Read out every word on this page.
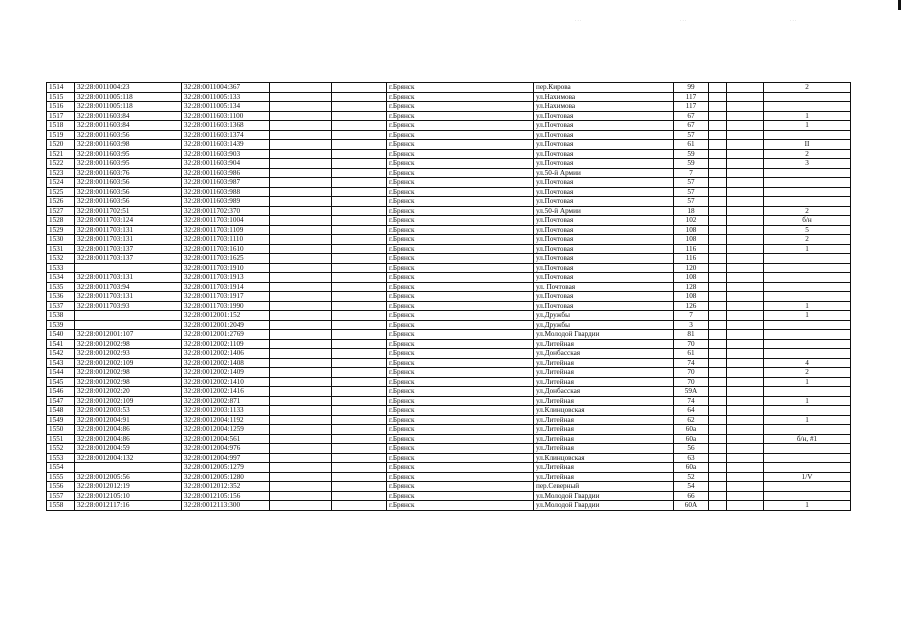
. . .	. . .	. . .
1514	32:28:0011004:23	32:28:0011004:367			г.Брянск	пер.Кирова	99			2
1515	32:28:0011005:118	32:28:0011005:133			г.Брянск	ул.Нахимова	117			
1516	32:28:0011005:118	32:28:0011005:134			г.Брянск	ул.Нахимова	117			
1517	32:28:0011603:84	32:28:0011603:1100			г.Брянск	ул.Почтовая	67			1
1518	32:28:0011603:84	32:28:0011603:1368			г.Брянск	ул.Почтовая	67			1
1519	32:28:0011603:56	32:28:0011603:1374			г.Брянск	ул.Почтовая	57			
1520	32:28:0011603:98	32:28:0011603:1439			г.Брянск	ул.Почтовая	61			II
1521	32:28:0011603:95	32:28:0011603:903			г.Брянск	ул.Почтовая	59			2
1522	32:28:0011603:95	32:28:0011603:904			г.Брянск	ул.Почтовая	59			3
1523	32:28:0011603:76	32:28:0011603:986			г.Брянск	ул.50-й Армии	7			
1524	32:28:0011603:56	32:28:0011603:987			г.Брянск	ул.Почтовая	57			
1525	32:28:0011603:56	32:28:0011603:988			г.Брянск	ул.Почтовая	57			
1526	32:28:0011603:56	32:28:0011603:989			г.Брянск	ул.Почтовая	57			
1527	32:28:0011702:51	32:28:0011702:370			г.Брянск	ул.50-й Армии	18			2
1528	32:28:0011703:124	32:28:0011703:1004			г.Брянск	ул.Почтовая	102			б/н
1529	32:28:0011703:131	32:28:0011703:1109			г.Брянск	ул.Почтовая	108			5
1530	32:28:0011703:131	32:28:0011703:1110			г.Брянск	ул.Почтовая	108			2
1531	32:28:0011703:137	32:28:0011703:1610			г.Брянск	ул.Почтовая	116			1
1532	32:28:0011703:137	32:28:0011703:1625			г.Брянск	ул.Почтовая	116			
1533		32:28:0011703:1910			г.Брянск	ул.Почтовая	120			
1534	32:28:0011703:131	32:28:0011703:1913			г.Брянск	ул.Почтовая	108			
1535	32:28:0011703:94	32:28:0011703:1914			г.Брянск	ул. Почтовая	128			
1536	32:28:0011703:131	32:28:0011703:1917			г.Брянск	ул.Почтовая	108			
1537	32:28:0011703:93	32:28:0011703:1990			г.Брянск	ул.Почтовая	126			1
1538		32:28:0012001:152			г.Брянск	ул.Дружбы	7			1
1539		32:28:0012001:2049			г.Брянск	ул.Дружбы	3			
1540	32:28:0012001:107	32:28:0012001:2769			г.Брянск	ул.Молодой Гвардии	81			
1541	32:28:0012002:98	32:28:0012002:1109			г.Брянск	ул.Литейная	70			
1542	32:28:0012002:93	32:28:0012002:1406			г.Брянск	ул.Донбасская	61			
1543	32:28:0012002:109	32:28:0012002:1408			г.Брянск	ул.Литейная	74			4
1544	32:28:0012002:98	32:28:0012002:1409			г.Брянск	ул.Литейная	70			2
1545	32:28:0012002:98	32:28:0012002:1410			г.Брянск	ул.Литейная	70			1
1546	32:28:0012002:20	32:28:0012002:1416			г.Брянск	ул.Донбасская	59А			
1547	32:28:0012002:109	32:28:0012002:871			г.Брянск	ул.Литейная	74			1
1548	32:28:0012003:53	32:28:0012003:1133			г.Брянск	ул.Клинцовская	64			
1549	32:28:0012004:91	32:28:0012004:1192			г.Брянск	ул.Литейная	62			1
1550	32:28:0012004:86	32:28:0012004:1259			г.Брянск	ул.Литейная	60а			
1551	32:28:0012004:86	32:28:0012004:561			г.Брянск	ул.Литейная	60а			б/н, #1
1552	32:28:0012004:59	32:28:0012004:976			г.Брянск	ул.Литейная	56			
1553	32:28:0012004:132	32:28:0012004:997			г.Брянск	ул.Клинцовская	63			
1554		32:28:0012005:1279			г.Брянск	ул.Литейная	60а			
1555	32:28:0012005:56	32:28:0012005:1280			г.Брянск	ул.Литейная	52			1/V
1556	32:28:0012012:19	32:28:0012012:352			г.Брянск	пер.Северный	54			
1557	32:28:0012105:10	32:28:0012105:156			г.Брянск	ул.Молодой Гвардии	66			
1558	32:28:0012117:16	32:28:0012113:300			г.Брянск	ул.Молодой Гвардии	60А			1
